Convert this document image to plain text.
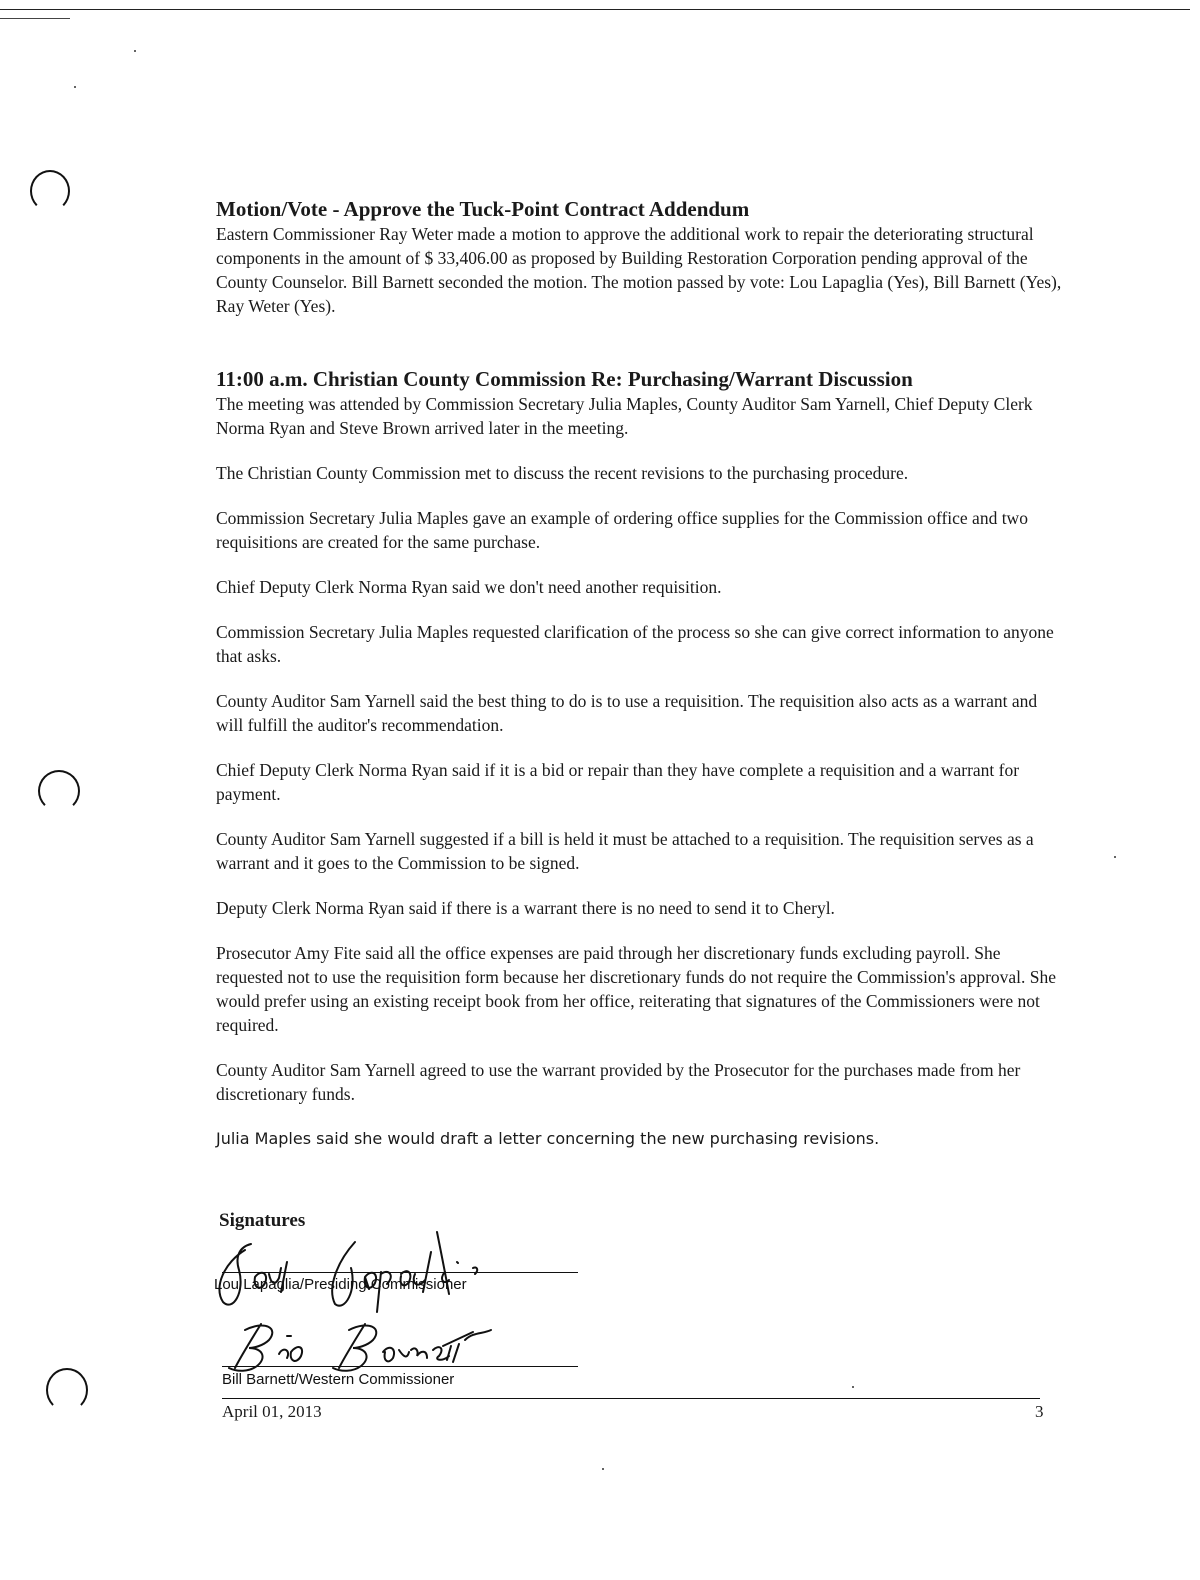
Motion/Vote - Approve the Tuck-Point Contract Addendum

Eastern Commissioner Ray Weter made a motion to approve the additional work to repair the deteriorating structural components in the amount of $ 33,406.00 as proposed by Building Restoration Corporation pending approval of the County Counselor. Bill Barnett seconded the motion. The motion passed by vote: Lou Lapaglia (Yes), Bill Barnett (Yes), Ray Weter (Yes).

11:00 a.m. Christian County Commission Re: Purchasing/Warrant Discussion

The meeting was attended by Commission Secretary Julia Maples, County Auditor Sam Yarnell, Chief Deputy Clerk Norma Ryan and Steve Brown arrived later in the meeting.

The Christian County Commission met to discuss the recent revisions to the purchasing procedure.

Commission Secretary Julia Maples gave an example of ordering office supplies for the Commission office and two requisitions are created for the same purchase.

Chief Deputy Clerk Norma Ryan said we don't need another requisition.

Commission Secretary Julia Maples requested clarification of the process so she can give correct information to anyone that asks.

County Auditor Sam Yarnell said the best thing to do is to use a requisition. The requisition also acts as a warrant and will fulfill the auditor's recommendation.

Chief Deputy Clerk Norma Ryan said if it is a bid or repair than they have complete a requisition and a warrant for payment.

County Auditor Sam Yarnell suggested if a bill is held it must be attached to a requisition. The requisition serves as a warrant and it goes to the Commission to be signed.

Deputy Clerk Norma Ryan said if there is a warrant there is no need to send it to Cheryl.

Prosecutor Amy Fite said all the office expenses are paid through her discretionary funds excluding payroll. She requested not to use the requisition form because her discretionary funds do not require the Commission's approval. She would prefer using an existing receipt book from her office, reiterating that signatures of the Commissioners were not required.

County Auditor Sam Yarnell agreed to use the warrant provided by the Prosecutor for the purchases made from her discretionary funds.

Julia Maples said she would draft a letter concerning the new purchasing revisions.

Signatures
Lou Lapaglia/Presiding Commissioner
Bill Barnett/Western Commissioner
April 01, 2013	3
